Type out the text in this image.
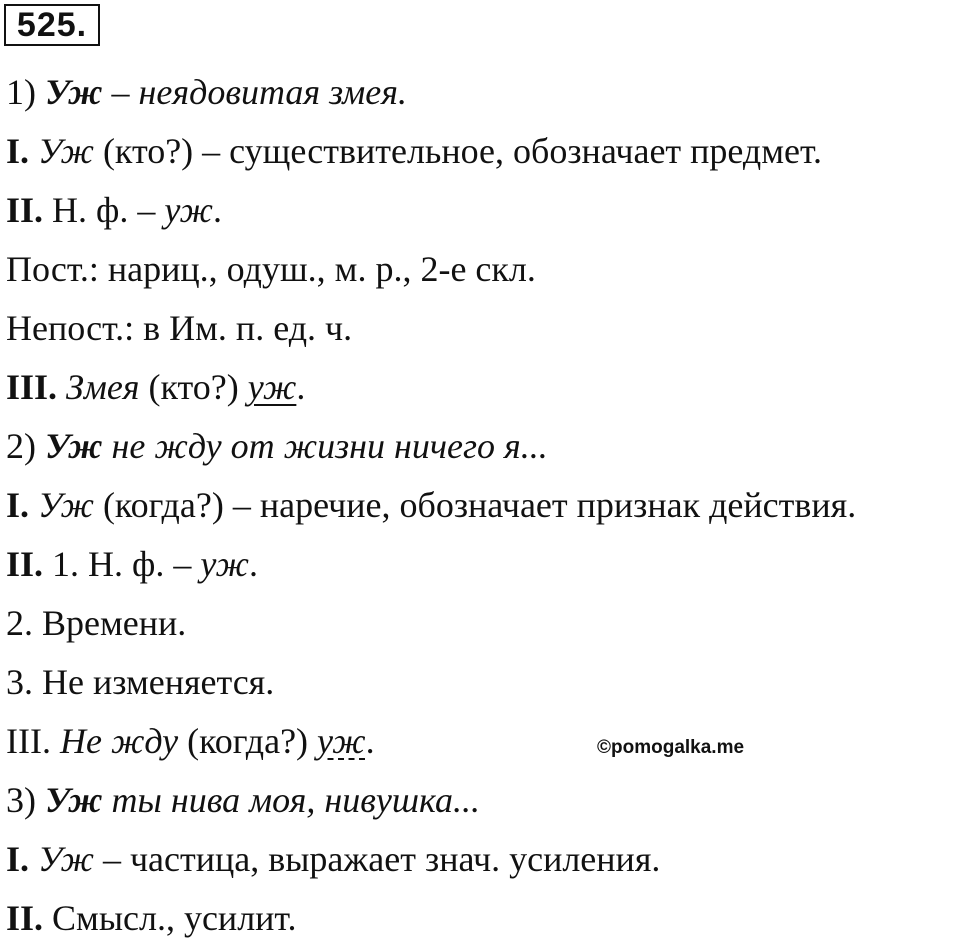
525.
1) Уж – неядовитая змея.
I. Уж (кто?) – существительное, обозначает предмет.
II. Н. ф. – уж.
Пост.: нариц., одуш., м. р., 2-е скл.
Непост.: в Им. п. ед. ч.
III. Змея (кто?) уж.
2) Уж не жду от жизни ничего я...
I. Уж (когда?) – наречие, обозначает признак действия.
II. 1. Н. ф. – уж.
2. Времени.
3. Не изменяется.
III. Не жду (когда?) уж.	©pomogalka.me
3) Уж ты нива моя, нивушка...
I. Уж – частица, выражает знач. усиления.
II. Смысл., усилит.
